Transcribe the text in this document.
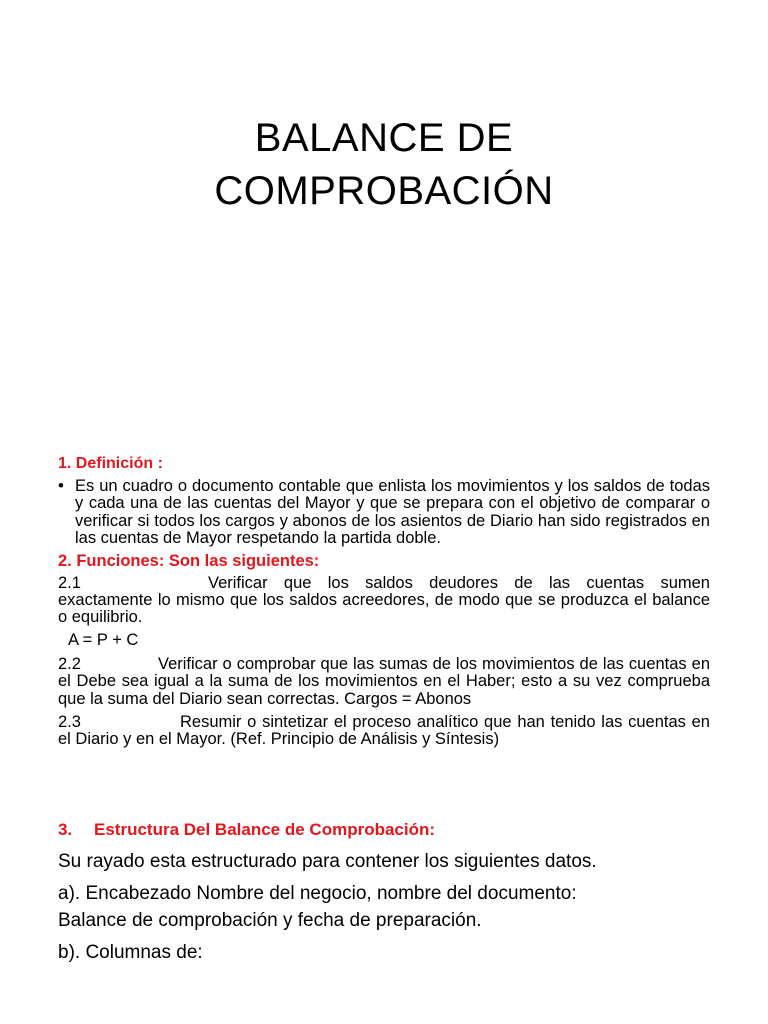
BALANCE DE
COMPROBACIÓN

1. Definición :

• Es un cuadro o documento contable que enlista los movimientos y los saldos de todas y cada una de las cuentas del Mayor y que se prepara con el objetivo de comparar o verificar si todos los cargos y abonos de los asientos de Diario han sido registrados en las cuentas de Mayor respetando la partida doble.

2. Funciones: Son las siguientes:

2.1	Verificar que los saldos deudores de las cuentas sumen exactamente lo mismo que los saldos acreedores, de modo que se produzca el balance o equilibrio.

A = P + C

2.2	Verificar o comprobar que las sumas de los movimientos de las cuentas en el Debe sea igual a la suma de los movimientos en el Haber; esto a su vez comprueba que la suma del Diario sean correctas. Cargos = Abonos

2.3	Resumir o sintetizar el proceso analítico que han tenido las cuentas en el Diario y en el Mayor. (Ref. Principio de Análisis y Síntesis)

3. Estructura Del Balance de Comprobación:

Su rayado esta estructurado para contener los siguientes datos.

a). Encabezado Nombre del negocio, nombre del documento: Balance de comprobación y fecha de preparación.

b). Columnas de:
